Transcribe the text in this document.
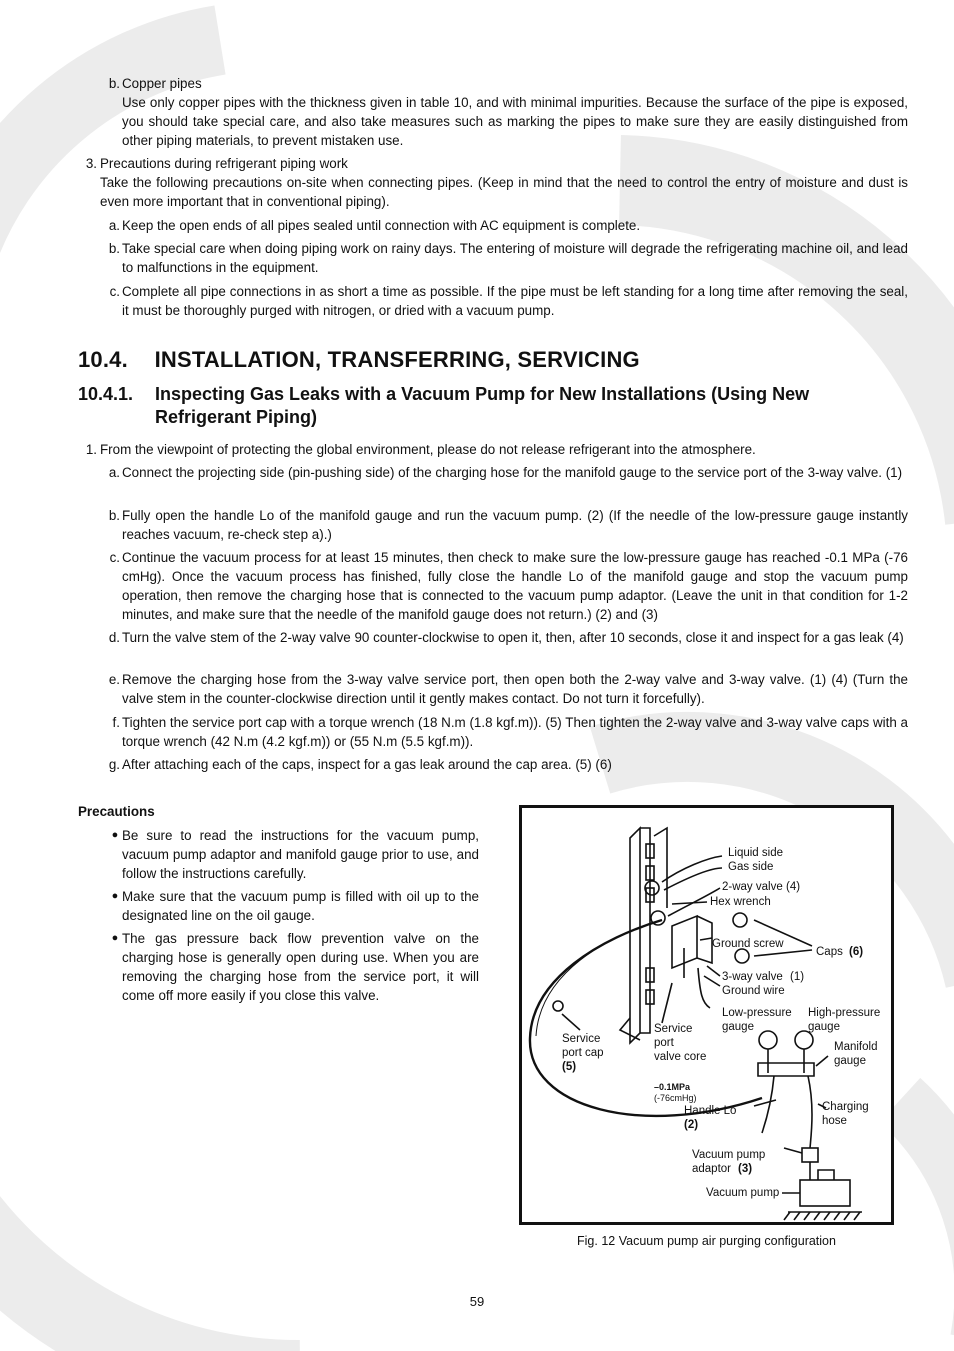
b. Copper pipes
Use only copper pipes with the thickness given in table 10, and with minimal impurities. Because the surface of the pipe is exposed, you should take special care, and also take measures such as marking the pipes to make sure they are easily distinguished from other piping materials, to prevent mistaken use.
3. Precautions during refrigerant piping work
Take the following precautions on-site when connecting pipes. (Keep in mind that the need to control the entry of moisture and dust is even more important that in conventional piping).
a. Keep the open ends of all pipes sealed until connection with AC equipment is complete.
b. Take special care when doing piping work on rainy days. The entering of moisture will degrade the refrigerating machine oil, and lead to malfunctions in the equipment.
c. Complete all pipe connections in as short a time as possible. If the pipe must be left standing for a long time after removing the seal, it must be thoroughly purged with nitrogen, or dried with a vacuum pump.
10.4. INSTALLATION, TRANSFERRING, SERVICING
10.4.1.	Inspecting Gas Leaks with a Vacuum Pump for New Installations (Using New
Refrigerant Piping)
1. From the viewpoint of protecting the global environment, please do not release refrigerant into the atmosphere.
a. Connect the projecting side (pin-pushing side) of the charging hose for the manifold gauge to the service port of the 3-way valve. (1)
b. Fully open the handle Lo of the manifold gauge and run the vacuum pump. (2) (If the needle of the low-pressure gauge instantly reaches vacuum, re-check step a).)
c. Continue the vacuum process for at least 15 minutes, then check to make sure the low-pressure gauge has reached -0.1 MPa (-76 cmHg). Once the vacuum process has finished, fully close the handle Lo of the manifold gauge and stop the vacuum pump operation, then remove the charging hose that is connected to the vacuum pump adaptor. (Leave the unit in that condition for 1-2 minutes, and make sure that the needle of the manifold gauge does not return.) (2) and (3)
d. Turn the valve stem of the 2-way valve 90 counter-clockwise to open it, then, after 10 seconds, close it and inspect for a gas leak (4)
e. Remove the charging hose from the 3-way valve service port, then open both the 2-way valve and 3-way valve. (1) (4) (Turn the valve stem in the counter-clockwise direction until it gently makes contact. Do not turn it forcefully).
f. Tighten the service port cap with a torque wrench (18 N.m (1.8 kgf.m)). (5) Then tighten the 2-way valve and 3-way valve caps with a torque wrench (42 N.m (4.2 kgf.m)) or (55 N.m (5.5 kgf.m)).
g. After attaching each of the caps, inspect for a gas leak around the cap area. (5) (6)
Precautions
● Be sure to read the instructions for the vacuum pump, vacuum pump adaptor and manifold gauge prior to use, and follow the instructions carefully.
● Make sure that the vacuum pump is filled with oil up to the designated line on the oil gauge.
● The gas pressure back flow prevention valve on the charging hose is generally open during use. When you are removing the charging hose from the service port, it will come off more easily if you close this valve.
Liquid side
Gas side
2-way valve (4)
Hex wrench
Ground screw
Caps (6)
3-way valve (1)
Ground wire
Low-pressure
gauge
High-pressure
gauge
Service
port cap
(5)
Service
port
valve core
Manifold
gauge
–0.1MPa
(-76cmHg)
Handle Lo
(2)
Charging
hose
Vacuum pump
adaptor (3)
Vacuum pump
Fig. 12 Vacuum pump air purging configuration
59
